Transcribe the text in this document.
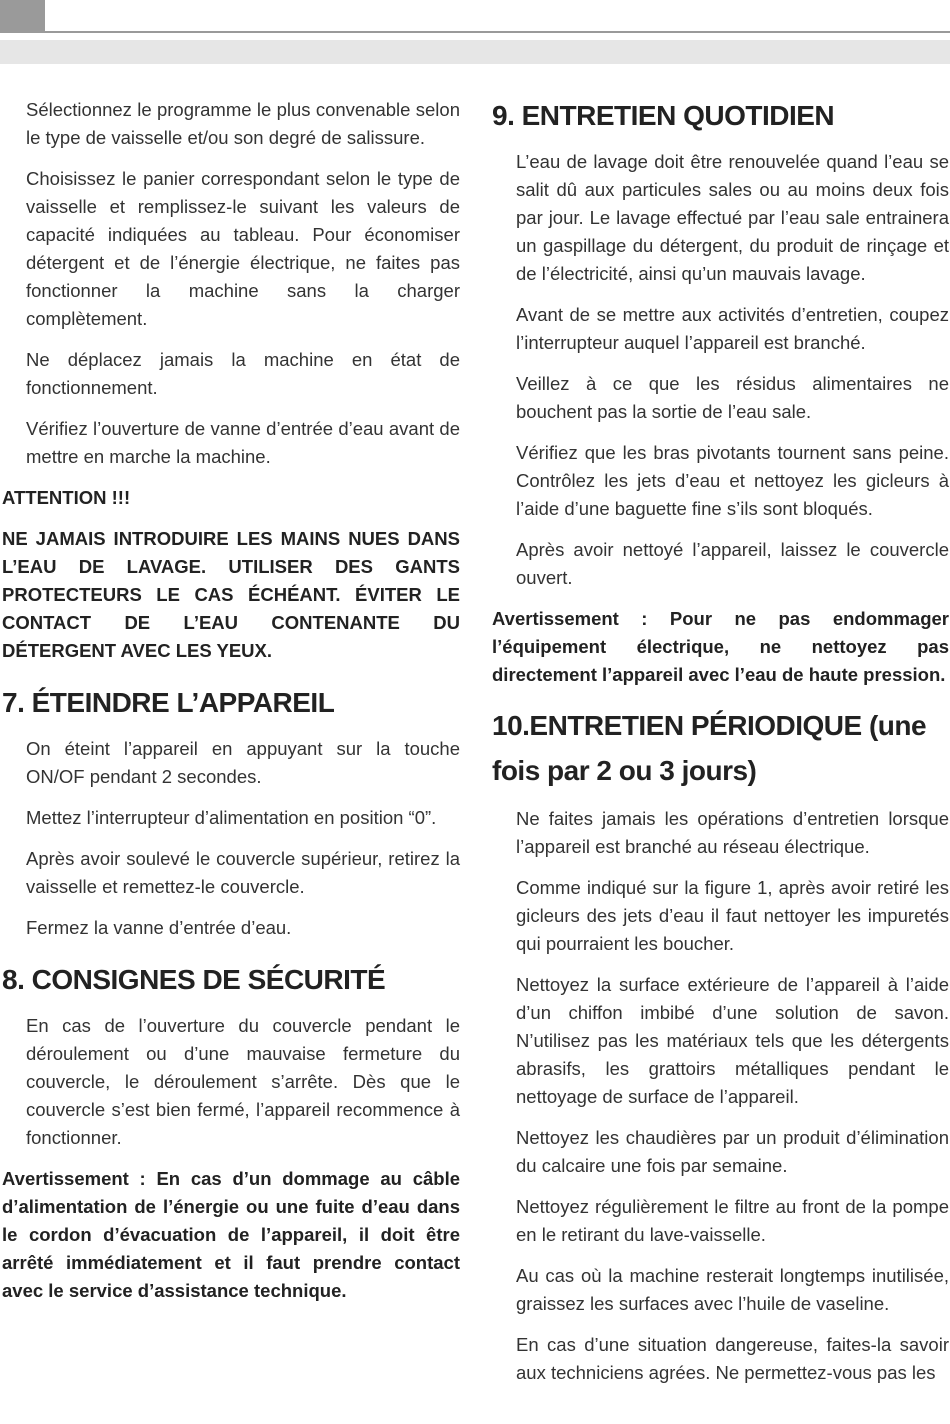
Sélectionnez le programme le plus convenable selon le type de vaisselle et/ou son degré de salissure.

Choisissez le panier correspondant selon le type de vaisselle et remplissez-le suivant les valeurs de capacité indiquées au tableau. Pour économiser détergent et de l’énergie électrique, ne faites pas fonctionner la machine sans la charger complètement.

Ne déplacez jamais la machine en état de fonctionnement.

Vérifiez l’ouverture de vanne d’entrée d’eau avant de mettre en marche la machine.

ATTENTION !!!

NE JAMAIS INTRODUIRE LES MAINS NUES DANS L’EAU DE LAVAGE. UTILISER DES GANTS PROTECTEURS LE CAS ÉCHÉANT. ÉVITER LE CONTACT DE L’EAU CONTENANTE DU DÉTERGENT AVEC LES YEUX.

7. ÉTEINDRE L’APPAREIL

On éteint l’appareil en appuyant sur la touche ON/OF pendant 2 secondes.

Mettez l’interrupteur d’alimentation en position “0”.

Après avoir soulevé le couvercle supérieur, retirez la vaisselle et remettez-le couvercle.

Fermez la vanne d’entrée d’eau.

8. CONSIGNES DE SÉCURITÉ

En cas de l’ouverture du couvercle pendant le déroulement ou d’une mauvaise fermeture du couvercle, le déroulement s’arrête. Dès que le couvercle s’est bien fermé, l’appareil recommence à fonctionner.

Avertissement : En cas d’un dommage au câble d’alimentation de l’énergie ou une fuite d’eau dans le cordon d’évacuation de l’appareil, il doit être arrêté immédiatement et il faut prendre contact avec le service d’assistance technique.

9. ENTRETIEN QUOTIDIEN

L’eau de lavage doit être renouvelée quand l’eau se salit dû aux particules sales ou au moins deux fois par jour. Le lavage effectué par l’eau sale entrainera un gaspillage du détergent, du produit de rinçage et de l’électricité, ainsi qu’un mauvais lavage.

Avant de se mettre aux activités d’entretien, coupez l’interrupteur auquel l’appareil est branché.

Veillez à ce que les résidus alimentaires ne bouchent pas la sortie de l’eau sale.

Vérifiez que les bras pivotants tournent sans peine. Contrôlez les jets d’eau et nettoyez les gicleurs à l’aide d’une baguette fine s’ils sont bloqués.

Après avoir nettoyé l’appareil, laissez le couvercle ouvert.

Avertissement : Pour ne pas endommager l’équipement électrique, ne nettoyez pas directement l’appareil avec l’eau de haute pression.

10.ENTRETIEN PÉRIODIQUE (une fois par 2 ou 3 jours)

Ne faites jamais les opérations d’entretien lorsque l’appareil est branché au réseau électrique.

Comme indiqué sur la figure 1, après avoir retiré les gicleurs des jets d’eau il faut nettoyer les impuretés qui pourraient les boucher.

Nettoyez la surface extérieure de l’appareil à l’aide d’un chiffon imbibé d’une solution de savon. N’utilisez pas les matériaux tels que les détergents abrasifs, les grattoirs métalliques pendant le nettoyage de surface de l’appareil.

Nettoyez les chaudières par un produit d’élimination du calcaire une fois par semaine.

Nettoyez régulièrement le filtre au front de la pompe en le retirant du lave-vaisselle.

Au cas où la machine resterait longtemps inutilisée, graissez les surfaces avec l’huile de vaseline.

En cas d’une situation dangereuse, faites-la savoir aux techniciens agrées. Ne permettez-vous pas les
